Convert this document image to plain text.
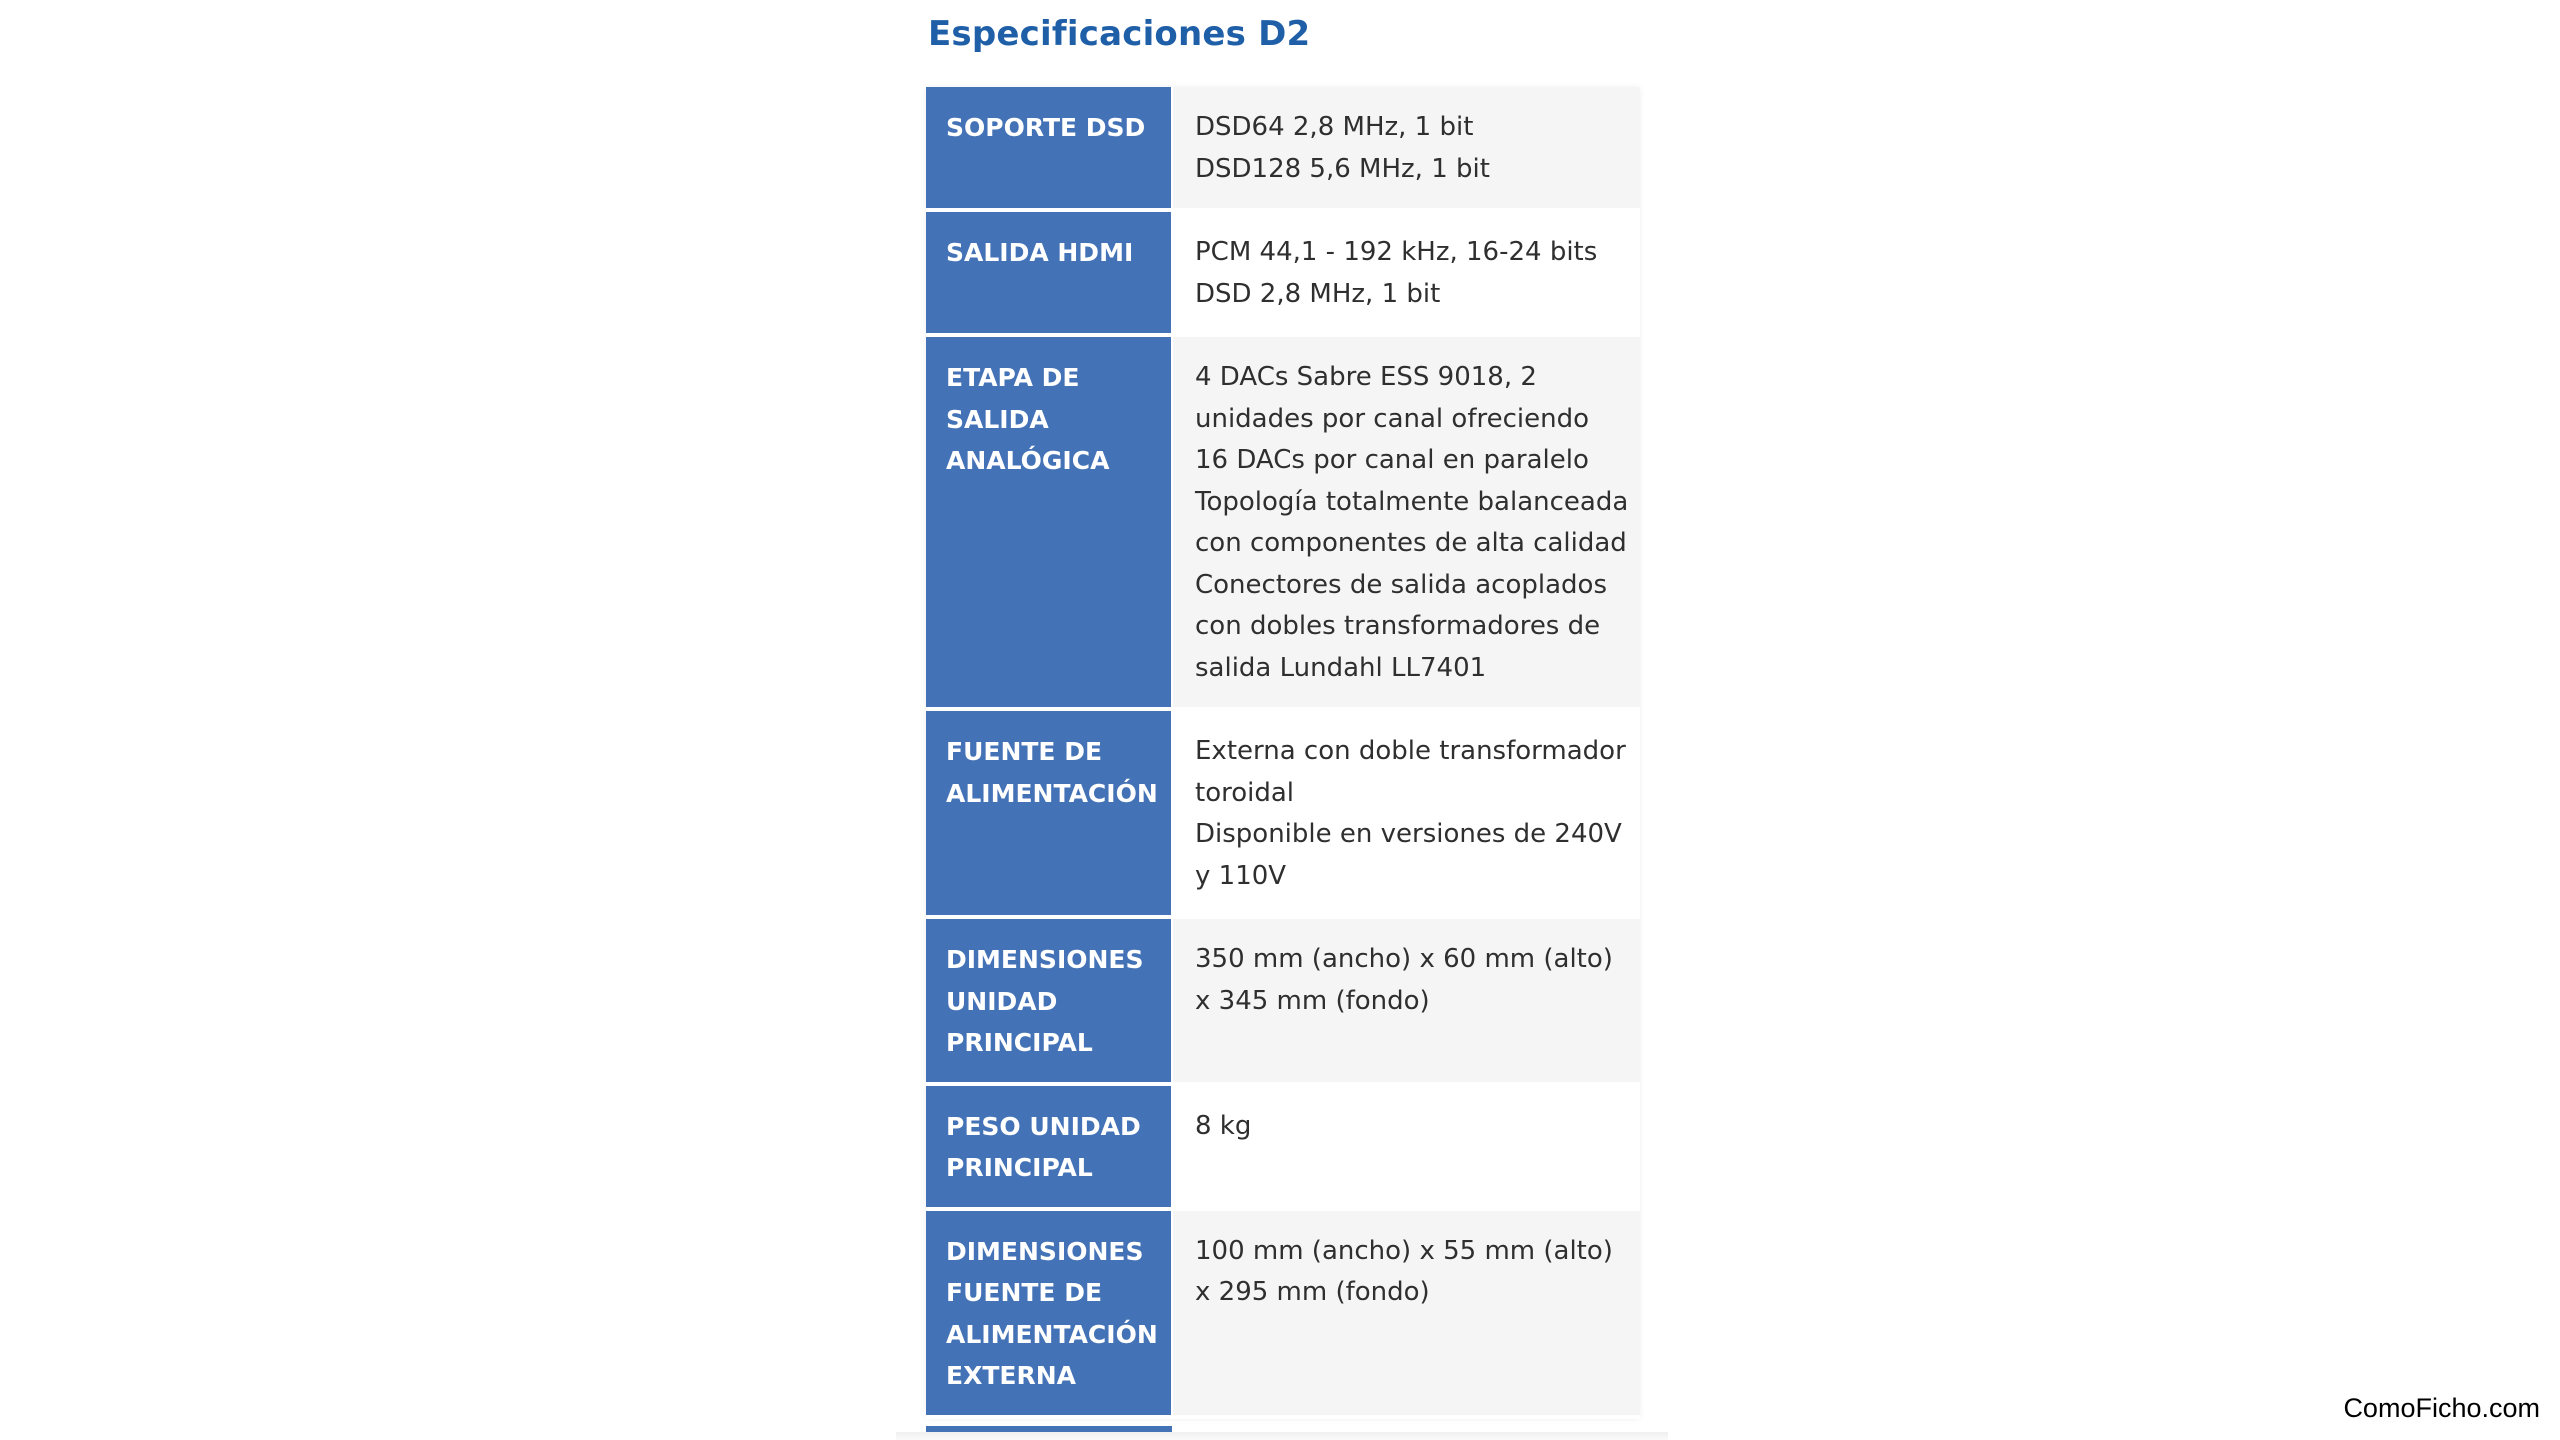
Especificaciones D2
SOPORTE DSD	DSD64 2,8 MHz, 1 bit
DSD128 5,6 MHz, 1 bit

SALIDA HDMI	PCM 44,1 - 192 kHz, 16-24 bits
DSD 2,8 MHz, 1 bit

ETAPA DE SALIDA ANALÓGICA	4 DACs Sabre ESS 9018, 2 unidades por canal ofreciendo 16 DACs por canal en paralelo
Topología totalmente balanceada con componentes de alta calidad
Conectores de salida acoplados con dobles transformadores de salida Lundahl LL7401

FUENTE DE ALIMENTACIÓN	Externa con doble transformador toroidal
Disponible en versiones de 240V y 110V

DIMENSIONES UNIDAD PRINCIPAL	350 mm (ancho) x 60 mm (alto) x 345 mm (fondo)

PESO UNIDAD PRINCIPAL	8 kg

DIMENSIONES FUENTE DE ALIMENTACIÓN EXTERNA	100 mm (ancho) x 55 mm (alto) x 295 mm (fondo)
ComoFicho.com
